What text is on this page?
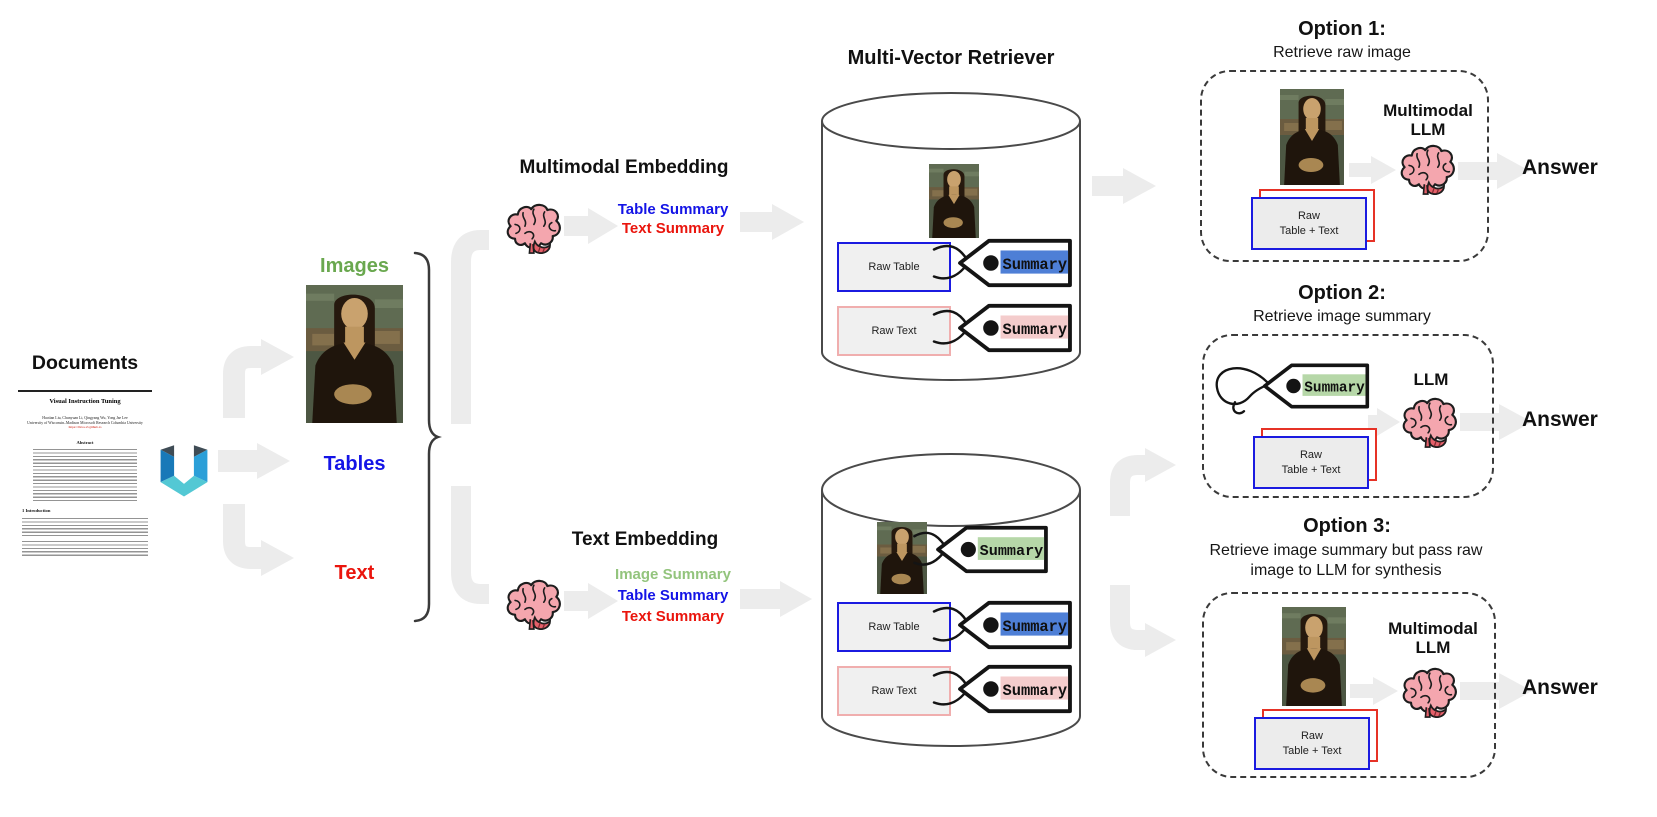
Documents
Visual Instruction Tuning
Haotian Liu, Chunyuan Li, Qingyang Wu, Yong Jae Lee
University of Wisconsin–Madison Microsoft Research Columbia University
https://llava-vl.github.io
Abstract
1 Introduction
Images
Tables
Text
Multimodal Embedding
Table Summary
Text Summary
Text Embedding
Image Summary
Table Summary
Text Summary
Multi-Vector Retriever
Raw Table	Summary
Raw Text	Summary
Summary
Raw Table	Summary
Raw Text	Summary
Option 1:
Retrieve raw image
Multimodal
LLM
Raw
Table + Text
Answer
Option 2:
Retrieve image summary
Summary	LLM
Raw
Table + Text
Answer
Option 3:
Retrieve image summary but pass raw image to LLM for synthesis
Multimodal
LLM
Raw
Table + Text
Answer
